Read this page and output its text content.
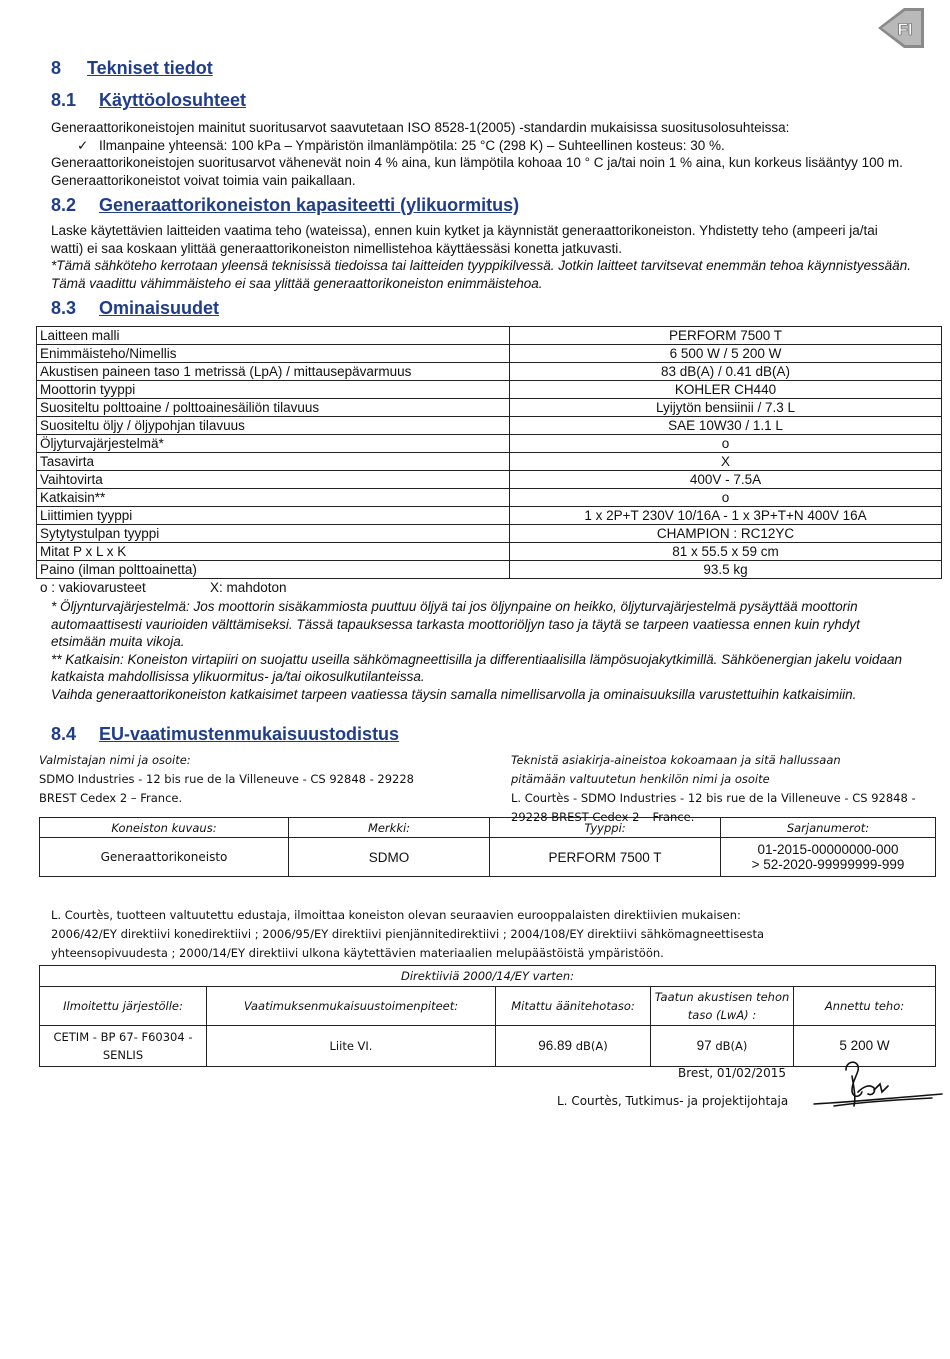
FI
8 Tekniset tiedot
8.1 Käyttöolosuhteet

Generaattorikoneistojen mainitut suoritusarvot saavutetaan ISO 8528-1(2005) -standardin mukaisissa suositusolosuhteissa:

✓ Ilmanpaine yhteensä: 100 kPa – Ympäristön ilmanlämpötila: 25 °C (298 K) – Suhteellinen kosteus: 30 %.

Generaattorikoneistojen suoritusarvot vähenevät noin 4 % aina, kun lämpötila kohoaa 10 ° C ja/tai noin 1 % aina, kun korkeus lisääntyy 100 m. Generaattorikoneistot voivat toimia vain paikallaan.

8.2 Generaattorikoneiston kapasiteetti (ylikuormitus)

Laske käytettävien laitteiden vaatima teho (wateissa), ennen kuin kytket ja käynnistät generaattorikoneiston. Yhdistetty teho (ampeeri ja/tai watti) ei saa koskaan ylittää generaattorikoneiston nimellistehoa käyttäessäsi konetta jatkuvasti.

*Tämä sähköteho kerrotaan yleensä teknisissä tiedoissa tai laitteiden tyyppikilvessä. Jotkin laitteet tarvitsevat enemmän tehoa käynnistyessään. Tämä vaadittu vähimmäisteho ei saa ylittää generaattorikoneiston enimmäistehoa.

8.3 Ominaisuudet
Laitteen malli	PERFORM 7500 T
Enimmäisteho/Nimellis	6 500 W / 5 200 W
Akustisen paineen taso 1 metrissä (LpA) / mittausepävarmuus	83 dB(A) / 0.41 dB(A)
Moottorin tyyppi	KOHLER CH440
Suositeltu polttoaine / polttoainesäiliön tilavuus	Lyijytön bensiinii / 7.3 L
Suositeltu öljy / öljypohjan tilavuus	SAE 10W30 / 1.1 L
Öljyturvajärjestelmä*	o
Tasavirta	X
Vaihtovirta	400V - 7.5A
Katkaisin**	o
Liittimien tyyppi	1 x 2P+T 230V 10/16A - 1 x 3P+T+N 400V 16A
Sytytystulpan tyyppi	CHAMPION : RC12YC
Mitat P x L x K	81 x 55.5 x 59 cm
Paino (ilman polttoainetta)	93.5 kg
o : vakiovarusteet	X: mahdoton

* Öljynturvajärjestelmä: Jos moottorin sisäkammiosta puuttuu öljyä tai jos öljynpaine on heikko, öljyturvajärjestelmä pysäyttää moottorin automaattisesti vaurioiden välttämiseksi. Tässä tapauksessa tarkasta moottoriöljyn taso ja täytä se tarpeen vaatiessa ennen kuin ryhdyt etsimään muita vikoja.

** Katkaisin: Koneiston virtapiiri on suojattu useilla sähkömagneettisilla ja differentiaalisilla lämpösuojakytkimillä. Sähköenergian jakelu voidaan katkaista mahdollisissa ylikuormitus- ja/tai oikosulkutilanteissa.

Vaihda generaattorikoneiston katkaisimet tarpeen vaatiessa täysin samalla nimellisarvolla ja ominaisuuksilla varustettuihin katkaisimiin.

8.4 EU-vaatimustenmukaisuustodistus
Valmistajan nimi ja osoite:
SDMO Industries - 12 bis rue de la Villeneuve - CS 92848 - 29228
BREST Cedex 2 – France.
Teknistä asiakirja-aineistoa kokoamaan ja sitä hallussaan
pitämään valtuutetun henkilön nimi ja osoite
L. Courtès - SDMO Industries - 12 bis rue de la Villeneuve - CS 92848 -
29228 BREST Cedex 2 – France.
Koneiston kuvaus:	Merkki:	Tyyppi:	Sarjanumerot:
Generaattorikoneisto	SDMO	PERFORM 7500 T	01-2015-00000000-000
> 52-2020-99999999-999
L. Courtès, tuotteen valtuutettu edustaja, ilmoittaa koneiston olevan seuraavien eurooppalaisten direktiivien mukaisen:
2006/42/EY direktiivi konedirektiivi ; 2006/95/EY direktiivi pienjännitedirektiivi ; 2004/108/EY direktiivi sähkömagneettisesta
yhteensopivuudesta ; 2000/14/EY direktiivi ulkona käytettävien materiaalien melupäästöistä ympäristöön.
Direktiiviä 2000/14/EY varten:				
Ilmoitettu järjestölle:	Vaatimuksenmukaisuustoimenpiteet:	Mitattu äänitehotaso:	Taatun akustisen tehon taso (LwA) :	Annettu teho:

CETIM - BP 67- F60304 -
SENLIS	Liite VI.	96.89 dB(A)	97 dB(A)	5 200 W
Brest, 01/02/2015
L. Courtès, Tutkimus- ja projektijohtaja
